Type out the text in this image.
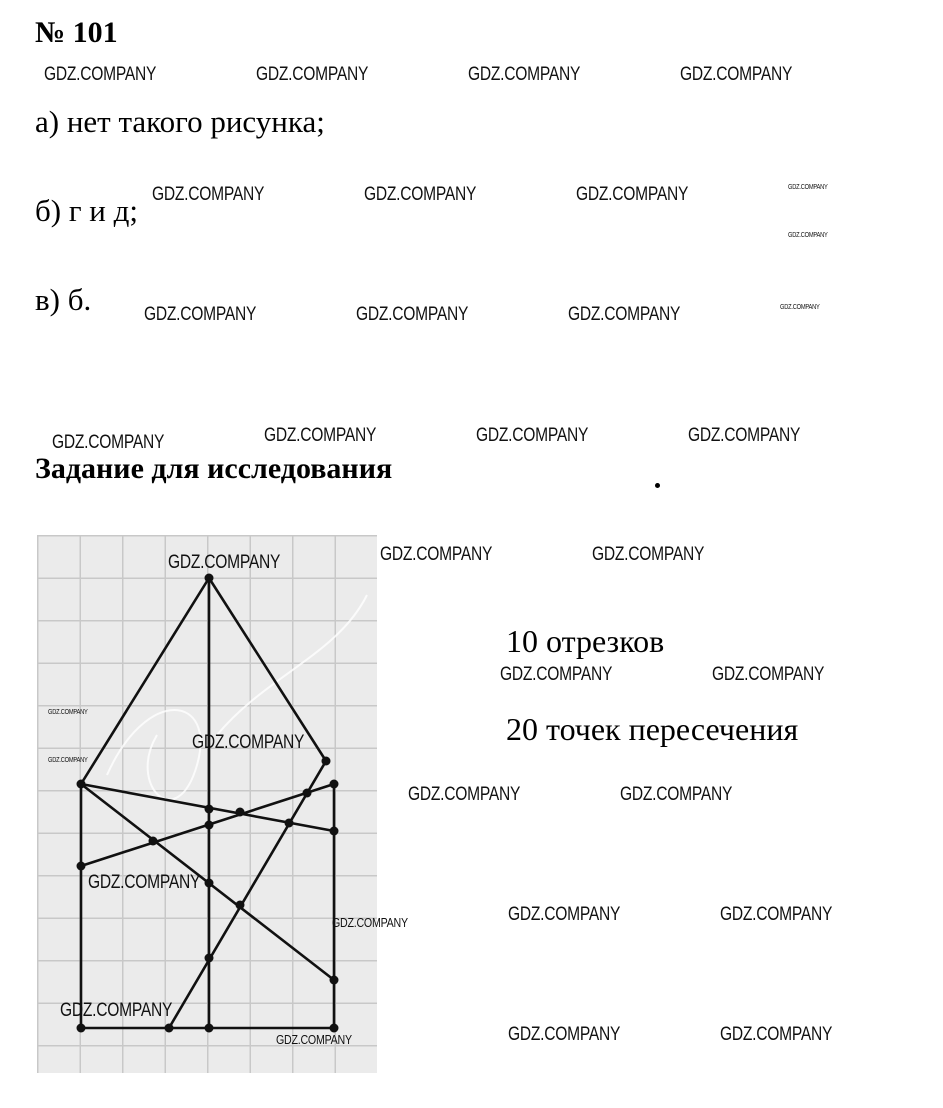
№ 101
а) нет такого рисунка;
б) г и д;
в) б.
Задание для исследования
10 отрезков
20 точек пересечения
GDZ.COMPANY	GDZ.COMPANY	GDZ.COMPANY	GDZ.COMPANY
GDZ.COMPANY	GDZ.COMPANY	GDZ.COMPANY	GDZ.COMPANY
GDZ.COMPANY
GDZ.COMPANY	GDZ.COMPANY	GDZ.COMPANY	GDZ.COMPANY
GDZ.COMPANY	GDZ.COMPANY	GDZ.COMPANY	GDZ.COMPANY
GDZ.COMPANY	GDZ.COMPANY	GDZ.COMPANY
GDZ.COMPANY	GDZ.COMPANY
GDZ.COMPANY
GDZ.COMPANY
GDZ.COMPANY
GDZ.COMPANY	GDZ.COMPANY
GDZ.COMPANY
GDZ.COMPANY	GDZ.COMPANY
GDZ.COMPANY
GDZ.COMPANY
GDZ.COMPANY	GDZ.COMPANY
GDZ.COMPANY
